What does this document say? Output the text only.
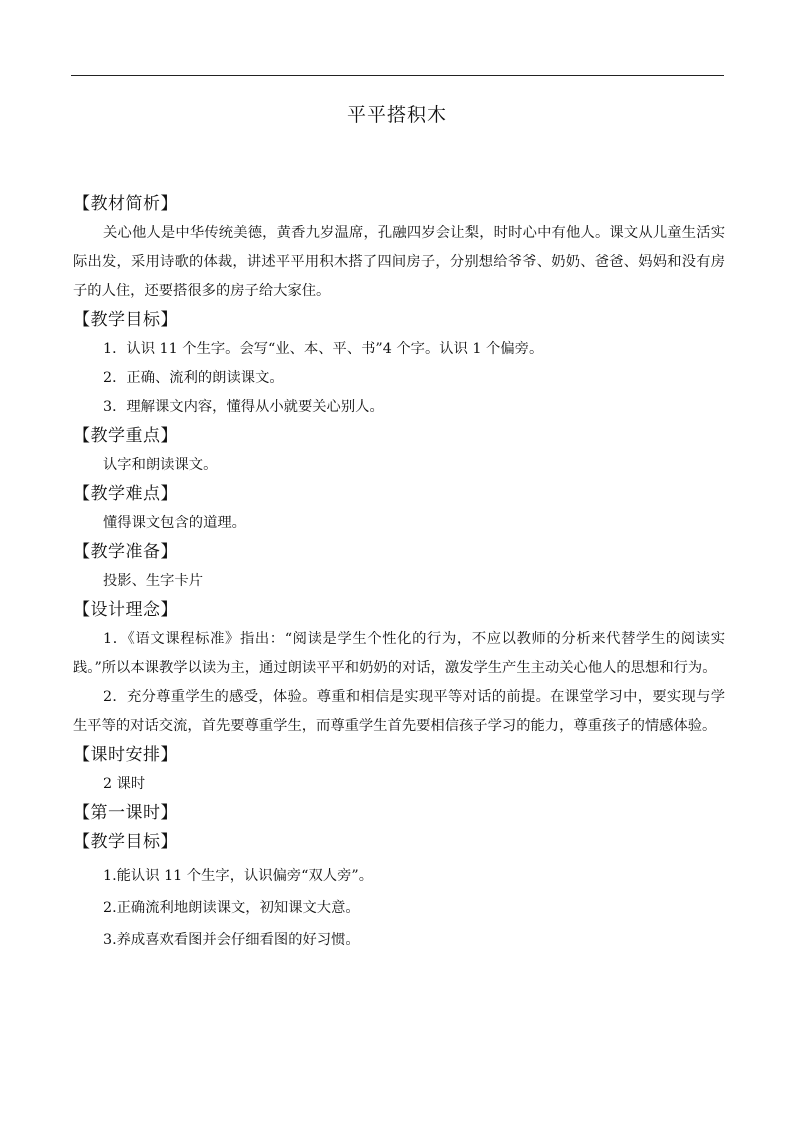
平平搭积木
【教材简析】
关心他人是中华传统美德，黄香九岁温席，孔融四岁会让梨，时时心中有他人。课文从儿童生活实际出发，采用诗歌的体裁，讲述平平用积木搭了四间房子，分别想给爷爷、奶奶、爸爸、妈妈和没有房子的人住，还要搭很多的房子给大家住。
【教学目标】
1．认识 11 个生字。会写“业、本、平、书”4 个字。认识 1 个偏旁。
2．正确、流利的朗读课文。
3．理解课文内容，懂得从小就要关心别人。
【教学重点】
认字和朗读课文。
【教学难点】
懂得课文包含的道理。
【教学准备】
投影、生字卡片
【设计理念】
1．《语文课程标准》指出：“阅读是学生个性化的行为，不应以教师的分析来代替学生的阅读实践。”所以本课教学以读为主，通过朗读平平和奶奶的对话，激发学生产生主动关心他人的思想和行为。
2．充分尊重学生的感受，体验。尊重和相信是实现平等对话的前提。在课堂学习中，要实现与学生平等的对话交流，首先要尊重学生，而尊重学生首先要相信孩子学习的能力，尊重孩子的情感体验。
【课时安排】
2 课时
【第一课时】
【教学目标】
1.能认识 11 个生字，认识偏旁“双人旁”。
2.正确流利地朗读课文，初知课文大意。
3.养成喜欢看图并会仔细看图的好习惯。
